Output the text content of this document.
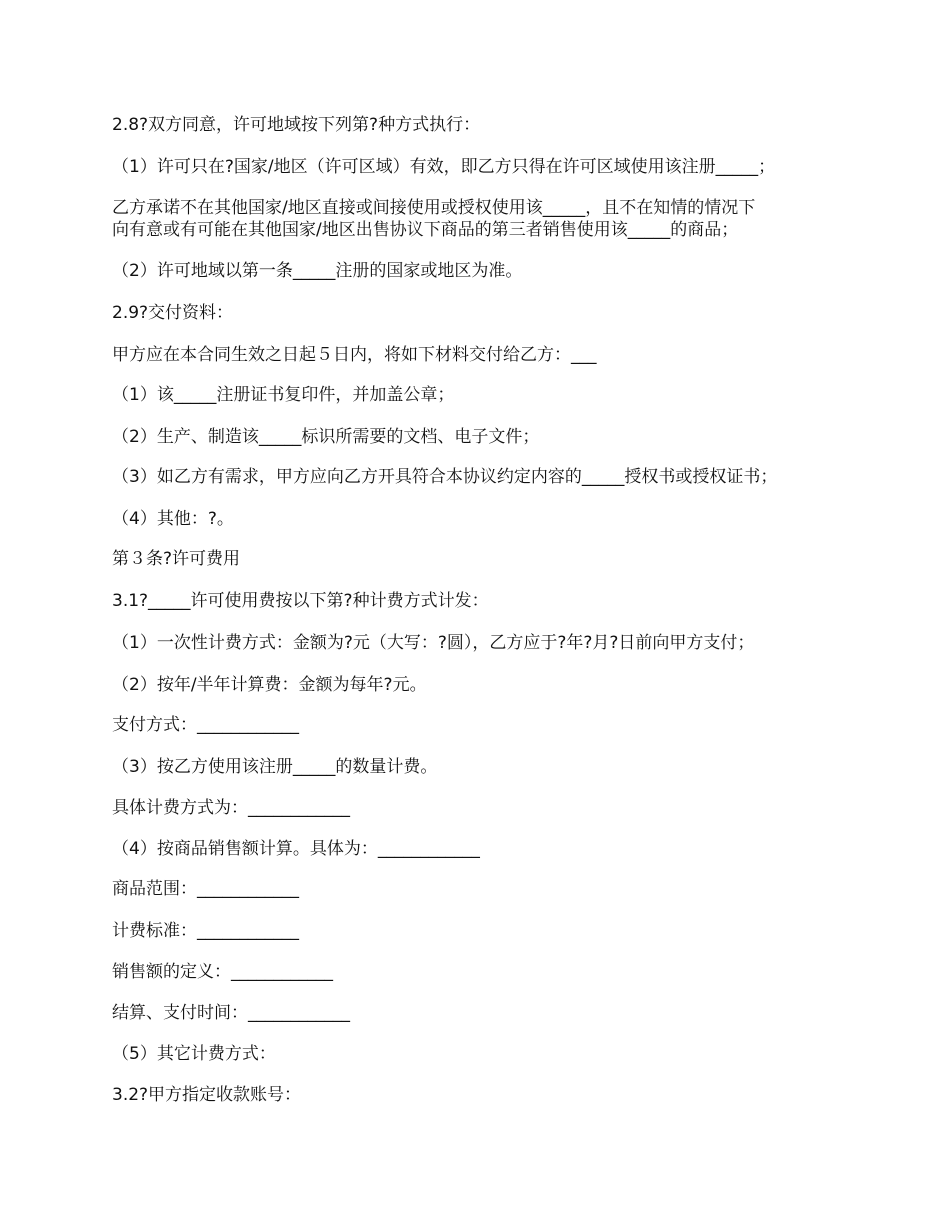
2.8?双方同意，许可地域按下列第?种方式执行：
（1）许可只在?国家/地区（许可区域）有效，即乙方只得在许可区域使用该注册_____；
乙方承诺不在其他国家/地区直接或间接使用或授权使用该_____，且不在知情的情况下
向有意或有可能在其他国家/地区出售协议下商品的第三者销售使用该_____的商品；
（2）许可地域以第一条_____注册的国家或地区为准。
2.9?交付资料：
甲方应在本合同生效之日起５日内，将如下材料交付给乙方：___
（1）该_____注册证书复印件，并加盖公章；
（2）生产、制造该_____标识所需要的文档、电子文件；
（3）如乙方有需求，甲方应向乙方开具符合本协议约定内容的_____授权书或授权证书；
（4）其他：?。
第３条?许可费用
3.1?_____许可使用费按以下第?种计费方式计发：
（1）一次性计费方式：金额为?元（大写：?圆），乙方应于?年?月?日前向甲方支付；
（2）按年/半年计算费：金额为每年?元。
支付方式：____________
（3）按乙方使用该注册_____的数量计费。
具体计费方式为：____________
（4）按商品销售额计算。具体为：____________
商品范围：____________
计费标准：____________
销售额的定义：____________
结算、支付时间：____________
（5）其它计费方式：
3.2?甲方指定收款账号：
